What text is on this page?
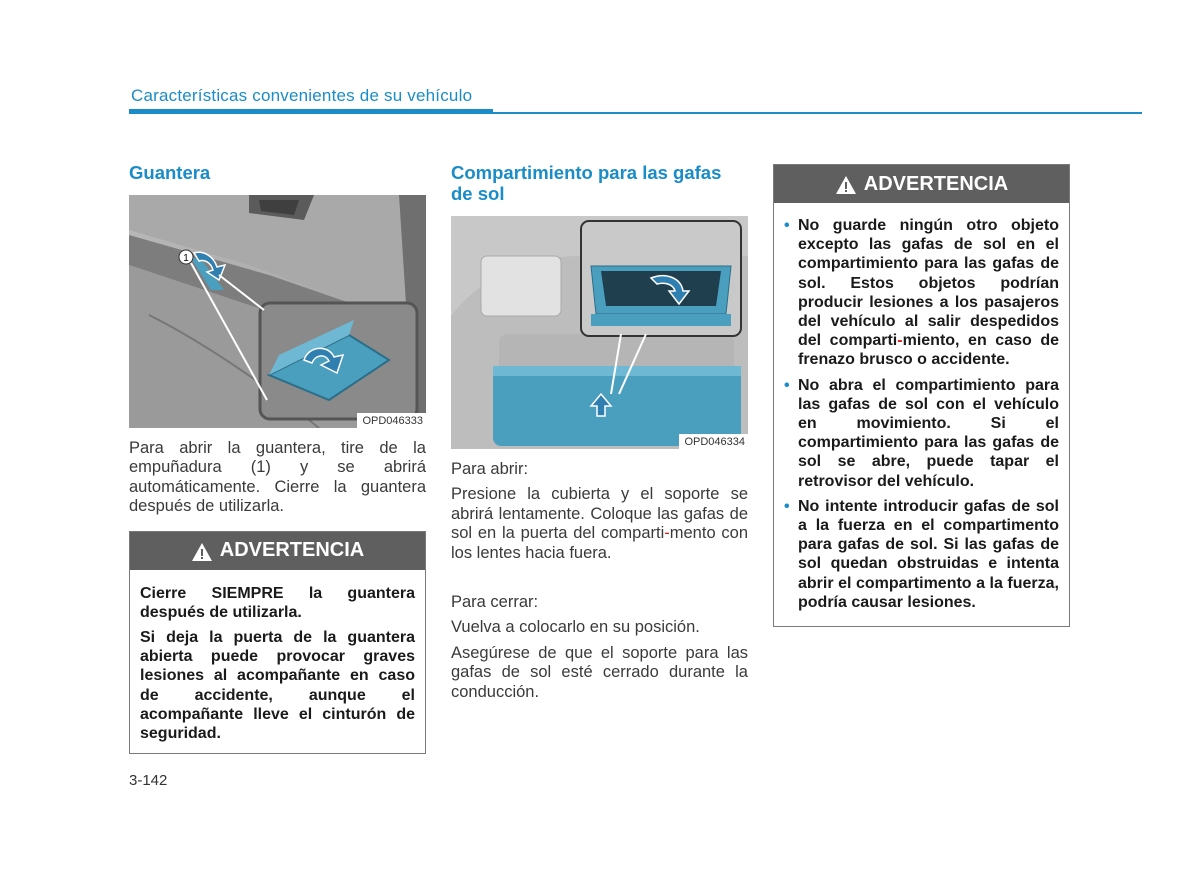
Características convenientes de su vehículo
Guantera
1
OPD046333

Para abrir la guantera, tire de la empuñadura (1) y se abrirá automáticamente. Cierre la guantera después de utilizarla.

ADVERTENCIA

Cierre SIEMPRE la guantera después de utilizarla.

Si deja la puerta de la guantera abierta puede provocar graves lesiones al acompañante en caso de accidente, aunque el acompañante lleve el cinturón de seguridad.

Compartimiento para las gafas de sol
OPD046334

Para abrir:

Presione la cubierta y el soporte se abrirá lentamente. Coloque las gafas de sol en la puerta del comparti-mento con los lentes hacia fuera.

Para cerrar:

Vuelva a colocarlo en su posición.

Asegúrese de que el soporte para las gafas de sol esté cerrado durante la conducción.

ADVERTENCIA

• No guarde ningún otro objeto excepto las gafas de sol en el compartimiento para las gafas de sol. Estos objetos podrían producir lesiones a los pasajeros del vehículo al salir despedidos del comparti-miento, en caso de frenazo brusco o accidente.

• No abra el compartimiento para las gafas de sol con el vehículo en movimiento. Si el compartimiento para las gafas de sol se abre, puede tapar el retrovisor del vehículo.

• No intente introducir gafas de sol a la fuerza en el compartimento para gafas de sol. Si las gafas de sol quedan obstruidas e intenta abrir el compartimento a la fuerza, podría causar lesiones.

3-142
